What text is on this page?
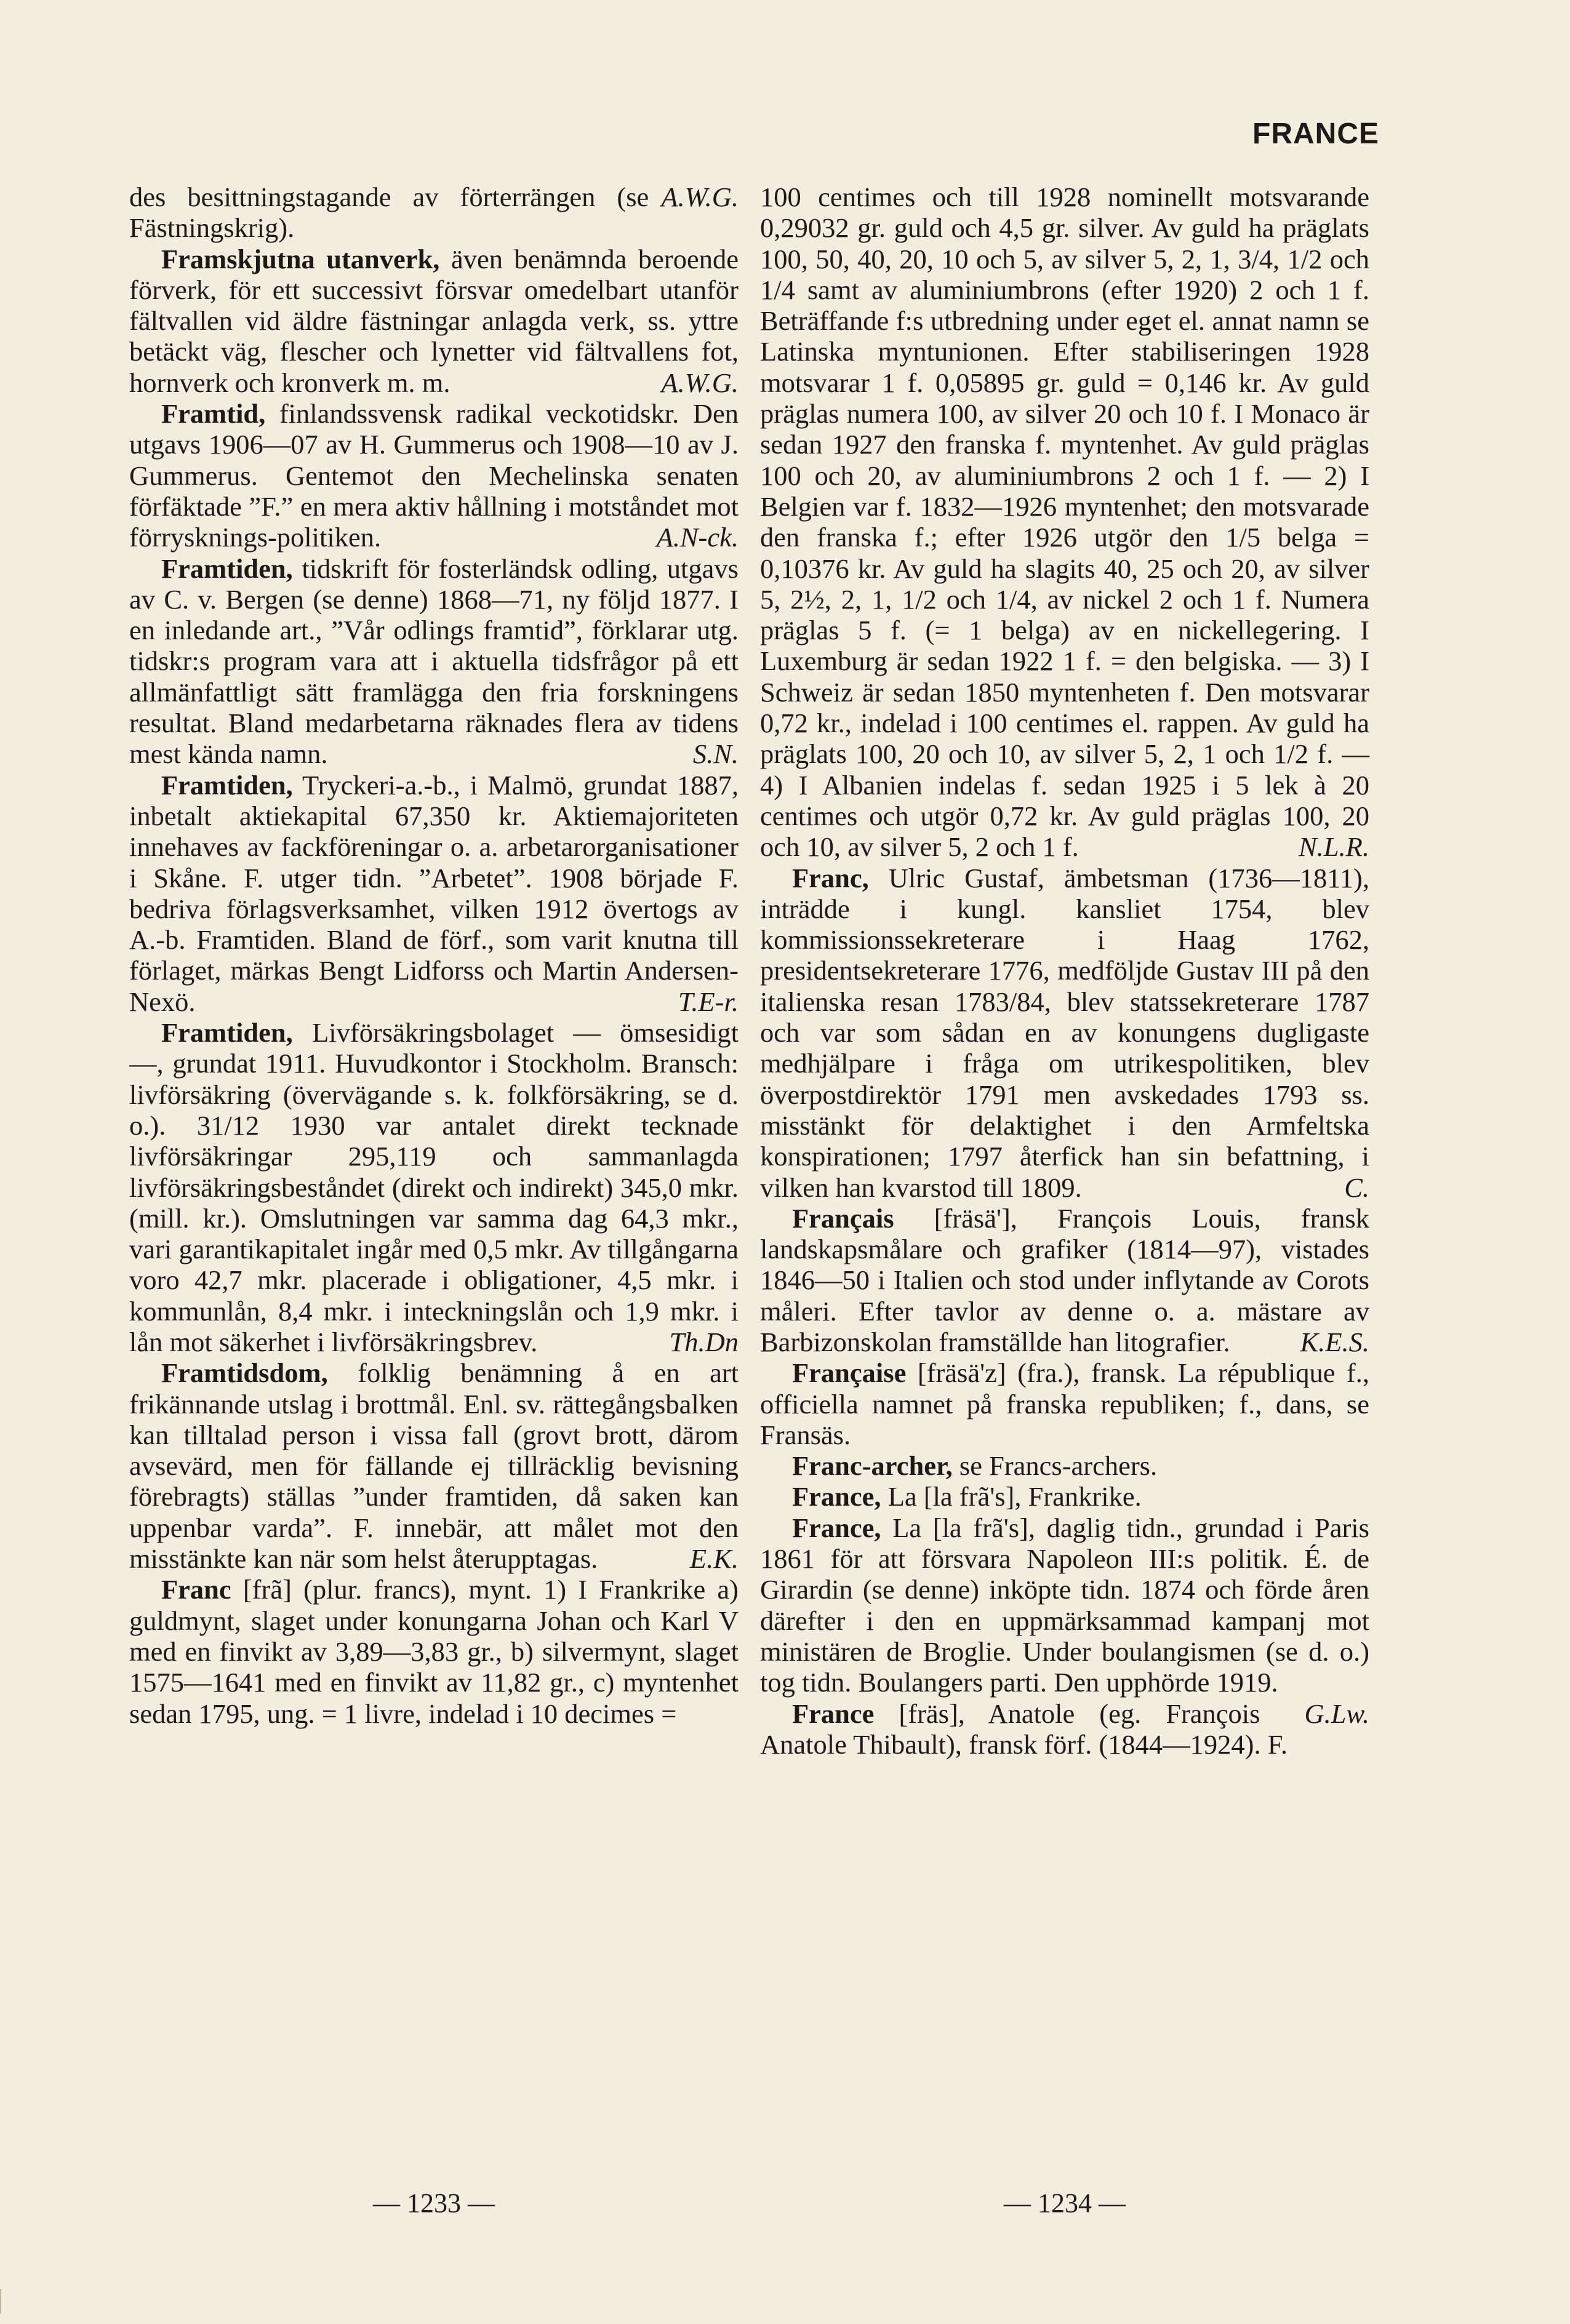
FRANCE

A.W.G.
des besittningstagande av förterrängen (se Fästningskrig).

Framskjutna utanverk, även benämnda beroende förverk, för ett successivt försvar omedelbart utanför fältvallen vid äldre fästningar anlagda verk, ss. yttre betäckt väg, flescher och lynetter vid fältvallens fot, hornverk och kronverk m. m.	A.W.G.

Framtid, finlandssvensk radikal veckotidskr. Den utgavs 1906—07 av H. Gummerus och 1908—10 av J. Gummerus. Gentemot den Mechelinska senaten förfäktade ”F.” en mera aktiv hållning i motståndet mot förrysknings-politiken.	A.N-ck.

Framtiden, tidskrift för fosterländsk odling, utgavs av C. v. Bergen (se denne) 1868—71, ny följd 1877. I en inledande art., ”Vår odlings framtid”, förklarar utg. tidskr:s program vara att i aktuella tidsfrågor på ett allmänfattligt sätt framlägga den fria forskningens resultat. Bland medarbetarna räknades flera av tidens mest kända namn.	S.N.

Framtiden, Tryckeri-a.-b., i Malmö, grundat 1887, inbetalt aktiekapital 67,350 kr. Aktiemajoriteten innehaves av fackföreningar o. a. arbetarorganisationer i Skåne. F. utger tidn. ”Arbetet”. 1908 började F. bedriva förlagsverksamhet, vilken 1912 övertogs av A.-b. Framtiden. Bland de förf., som varit knutna till förlaget, märkas Bengt Lidforss och Martin Andersen-Nexö.	T.E-r.

Framtiden, Livförsäkringsbolaget — ömsesidigt —, grundat 1911. Huvudkontor i Stockholm. Bransch: livförsäkring (övervägande s. k. folkförsäkring, se d. o.). 31/12 1930 var antalet direkt tecknade livförsäkringar 295,119 och sammanlagda livförsäkringsbeståndet (direkt och indirekt) 345,0 mkr. (mill. kr.). Omslutningen var samma dag 64,3 mkr., vari garantikapitalet ingår med 0,5 mkr. Av tillgångarna voro 42,7 mkr. placerade i obligationer, 4,5 mkr. i kommunlån, 8,4 mkr. i inteckningslån och 1,9 mkr. i lån mot säkerhet i livförsäkringsbrev.	Th.Dn

Framtidsdom, folklig benämning å en art frikännande utslag i brottmål. Enl. sv. rättegångsbalken kan tilltalad person i vissa fall (grovt brott, därom avsevärd, men för fällande ej tillräcklig bevisning förebragts) ställas ”under framtiden, då saken kan uppenbar varda”. F. innebär, att målet mot den misstänkte kan när som helst återupptagas.	E.K.

Franc [frã] (plur. francs), mynt. 1) I Frankrike a) guldmynt, slaget under konungarna Johan och Karl V med en finvikt av 3,89—3,83 gr., b) silvermynt, slaget 1575—1641 med en finvikt av 11,82 gr., c) myntenhet sedan 1795, ung. = 1 livre, indelad i 10 decimes =

100 centimes och till 1928 nominellt motsvarande 0,29032 gr. guld och 4,5 gr. silver. Av guld ha präglats 100, 50, 40, 20, 10 och 5, av silver 5, 2, 1, 3/4, 1/2 och 1/4 samt av aluminiumbrons (efter 1920) 2 och 1 f. Beträffande f:s utbredning under eget el. annat namn se Latinska myntunionen. Efter stabiliseringen 1928 motsvarar 1 f. 0,05895 gr. guld = 0,146 kr. Av guld präglas numera 100, av silver 20 och 10 f. I Monaco är sedan 1927 den franska f. myntenhet. Av guld präglas 100 och 20, av aluminiumbrons 2 och 1 f. — 2) I Belgien var f. 1832—1926 myntenhet; den motsvarade den franska f.; efter 1926 utgör den 1/5 belga = 0,10376 kr. Av guld ha slagits 40, 25 och 20, av silver 5, 2½, 2, 1, 1/2 och 1/4, av nickel 2 och 1 f. Numera präglas 5 f. (= 1 belga) av en nickellegering. I Luxemburg är sedan 1922 1 f. = den belgiska. — 3) I Schweiz är sedan 1850 myntenheten f. Den motsvarar 0,72 kr., indelad i 100 centimes el. rappen. Av guld ha präglats 100, 20 och 10, av silver 5, 2, 1 och 1/2 f. — 4) I Albanien indelas f. sedan 1925 i 5 lek à 20 centimes och utgör 0,72 kr. Av guld präglas 100, 20 och 10, av silver 5, 2 och 1 f.	N.L.R.

Franc, Ulric Gustaf, ämbetsman (1736—1811), inträdde i kungl. kansliet 1754, blev kommissionssekreterare i Haag 1762, presidentsekreterare 1776, medföljde Gustav III på den italienska resan 1783/84, blev statssekreterare 1787 och var som sådan en av konungens dugligaste medhjälpare i fråga om utrikespolitiken, blev överpostdirektör 1791 men avskedades 1793 ss. misstänkt för delaktighet i den Armfeltska konspirationen; 1797 återfick han sin befattning, i vilken han kvarstod till 1809.	C.

Français [fräsä'], François Louis, fransk landskapsmålare och grafiker (1814—97), vistades 1846—50 i Italien och stod under inflytande av Corots måleri. Efter tavlor av denne o. a. mästare av Barbizonskolan framställde han litografier.	K.E.S.

Française [fräsä'z] (fra.), fransk. La république f., officiella namnet på franska republiken; f., dans, se Fransäs.

Franc-archer, se Francs-archers.

France, La [la frã's], Frankrike.

France, La [la frã's], daglig tidn., grundad i Paris 1861 för att försvara Napoleon III:s politik. É. de Girardin (se denne) inköpte tidn. 1874 och förde åren därefter i den en uppmärksammad kampanj mot ministären de Broglie. Under boulangismen (se d. o.) tog tidn. Boulangers parti. Den upphörde 1919.
G.Lw.

France [fräs], Anatole (eg. François Anatole Thibault), fransk förf. (1844—1924). F.

— 1233 —	— 1234 —
